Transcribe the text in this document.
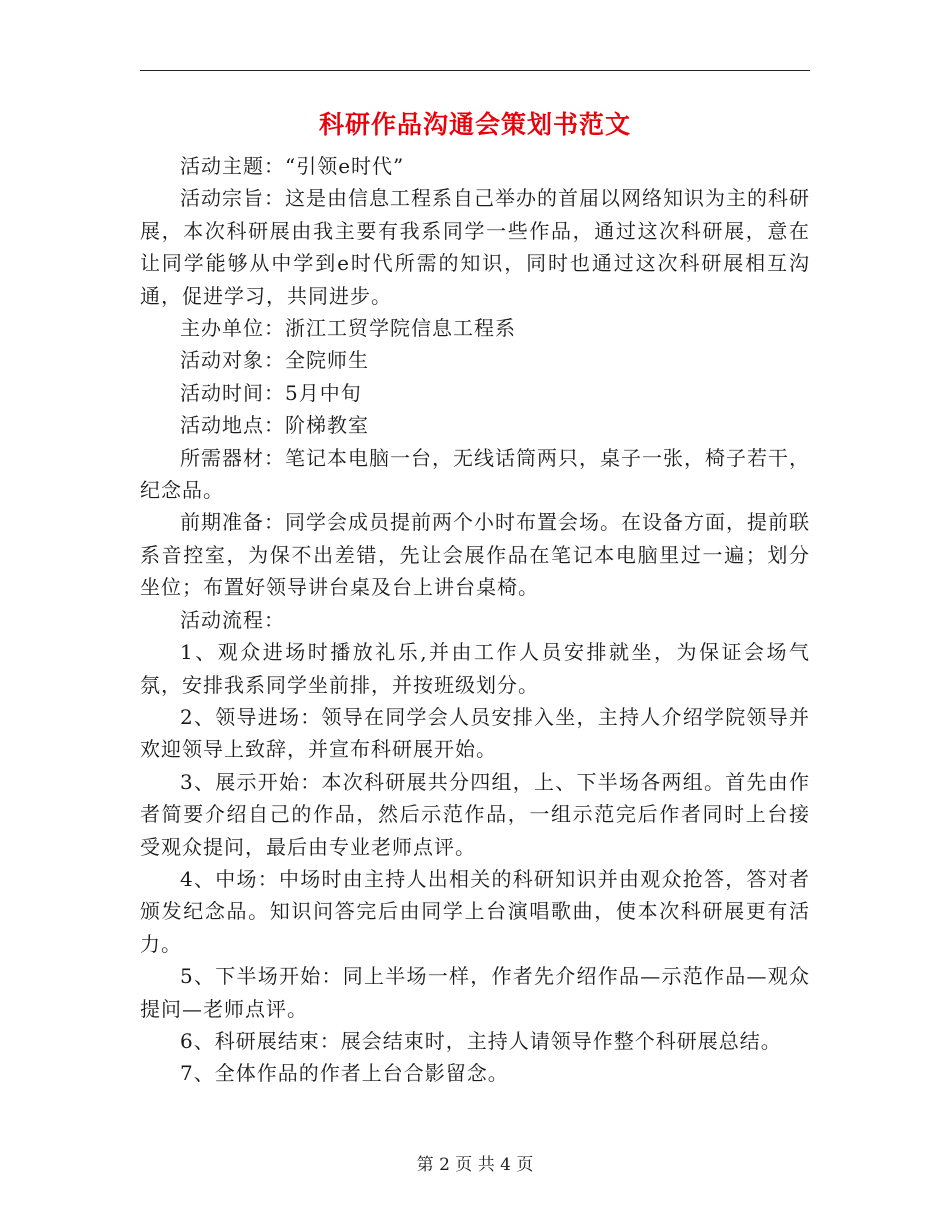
科研作品沟通会策划书范文

活动主题：“引领e时代”

活动宗旨：这是由信息工程系自己举办的首届以网络知识为主的科研展，本次科研展由我主要有我系同学一些作品，通过这次科研展，意在让同学能够从中学到e时代所需的知识，同时也通过这次科研展相互沟通，促进学习，共同进步。

主办单位：浙江工贸学院信息工程系

活动对象：全院师生

活动时间：5月中旬

活动地点：阶梯教室

所需器材：笔记本电脑一台，无线话筒两只，桌子一张，椅子若干，纪念品。

前期准备：同学会成员提前两个小时布置会场。在设备方面，提前联系音控室，为保不出差错，先让会展作品在笔记本电脑里过一遍；划分坐位；布置好领导讲台桌及台上讲台桌椅。

活动流程：

1、观众进场时播放礼乐,并由工作人员安排就坐，为保证会场气氛，安排我系同学坐前排，并按班级划分。

2、领导进场：领导在同学会人员安排入坐，主持人介绍学院领导并欢迎领导上致辞，并宣布科研展开始。

3、展示开始：本次科研展共分四组，上、下半场各两组。首先由作者简要介绍自己的作品，然后示范作品，一组示范完后作者同时上台接受观众提问，最后由专业老师点评。

4、中场：中场时由主持人出相关的科研知识并由观众抢答，答对者颁发纪念品。知识问答完后由同学上台演唱歌曲，使本次科研展更有活力。

5、下半场开始：同上半场一样，作者先介绍作品—示范作品—观众提问—老师点评。

6、科研展结束：展会结束时，主持人请领导作整个科研展总结。

7、全体作品的作者上台合影留念。

第 2 页 共 4 页
